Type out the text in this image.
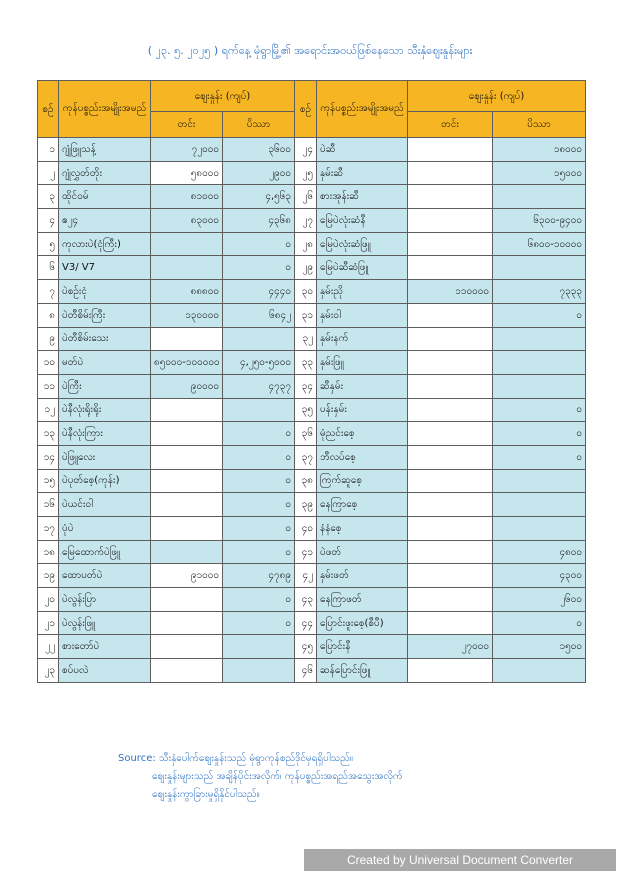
( ၂၃. ၅. ၂၀၂၅ ) ရက်နေ့ မုံရွာမြို့၏ အရောင်းအဝယ်ဖြစ်နေသော သီးနှံဈေးနှုန်းများ
စဉ်	ကုန်ပစ္စည်းအမျိုးအမည်	ဈေးနှုန်း (ကျပ်)		စဉ်	ကုန်ပစ္စည်းအမျိုးအမည်	ဈေးနှုန်း (ကျပ်)	
		တင်း	ပိဿာ			တင်း	ပိဿာ
၁	ဂျုံဖြူသန့်	၇၂၀၀၀	၃၆၀၀	၂၄	ပဲဆီ		၁၈၀၀၀
၂	ဂျုံလွှတ်တိုး	၅၈၀၀၀	၂၉၀၀	၂၅	နှမ်းဆီ		၁၅၀၀၀
၃	ထိုင်ဝမ်	၈၁၀၀၀	၄,၅၆၃	၂၆	စားအုန်းဆီ		
၄	ဧ၂၄	၈၃၀၀၀	၄၃၆၈	၂၇	မြေပဲလုံးဆံနီ		၆၃၀၀-၉၄၀၀
၅	ကုလားပဲ(ငုံကြီး)		၀	၂၈	မြေပဲလုံးဆံဖြူ		၆၈၀၀-၁၀၀၀၀
၆	V3/ V7		၀	၂၉	မြေပဲဆီဆံဖြူ		
၇	ပဲစဉ်းငုံ	၈၈၈၀၀	၄၄၄၀	၃၀	နှမ်းညို	၁၁၀၀၀၀	၇၃၃၃
၈	ပဲတီစိမ်းကြီး	၁၃၀၀၀၀	၆၈၄၂	၃၁	နှမ်းဝါ		၀
၉	ပဲတီစိမ်းသေး			၃၂	နှမ်းနက်		
၁၀	မတ်ပဲ	၈၅၀၀၀-၁၀၀၀၀၀	၄,၂၅၀-၅၀၀၀	၃၃	နှမ်းဖြူ		
၁၁	ပဲကြီး	၉၀၀၀၀	၄၇၃၇	၃၄	ဆီနှမ်း		
၁၂	ပဲနီလုံးရိုးရိုး			၃၅	ပန်းနှမ်း		၀
၁၃	ပဲနီလုံးကြား		၀	၃၆	မုံညင်းစေ့		၀
၁၄	ပဲဖြူလေး		၀	၃၇	ဘီလပ်စေ့		၀
၁၅	ပဲပုတ်စေ့(ကုန်း)		၀	၃၈	ကြက်ဆူစေ့		
၁၆	ပဲယင်းဝါ		၀	၃၉	နေကြာစေ့		
၁၇	ပုံပဲ		၀	၄၀	နံနံစေ့		
၁၈	မြေထောက်ပဲဖြူ		၀	၄၁	ပဲဖတ်		၄၈၀၀
၁၉	ထောပတ်ပဲ	၉၁၀၀၀	၄၇၈၉	၄၂	နှမ်းဖတ်		၄၃၀၀
၂၀	ပဲလွန်းပြာ		၀	၄၃	နေကြာဖတ်		၂၆၀၀
၂၁	ပဲလွန်းဖြူ		၀	၄၄	ပြောင်းဖူးစေ့(စီပီ)		၀
၂၂	စားတော်ပဲ			၄၅	ပြောင်းနီ	၂၇၀၀၀	၁၅၀၀
၂၃	စပ်ပလဲ			၄၆	ဆန်ပြောင်းဖြူ		
Source: သီးနှံပေါက်ဈေးနှုန်းသည် မုံရွာကုန်စည်ဒိုင်မှရရှိပါသည်။
ဈေးနှုန်းများသည် အချိန်ပိုင်းအလိုက်၊ ကုန်ပစ္စည်းအရည်အသွေးအလိုက်
ဈေးနှုန်းကွာခြားမှုရှိနိုင်ပါသည်။
Created by Universal Document Converter
